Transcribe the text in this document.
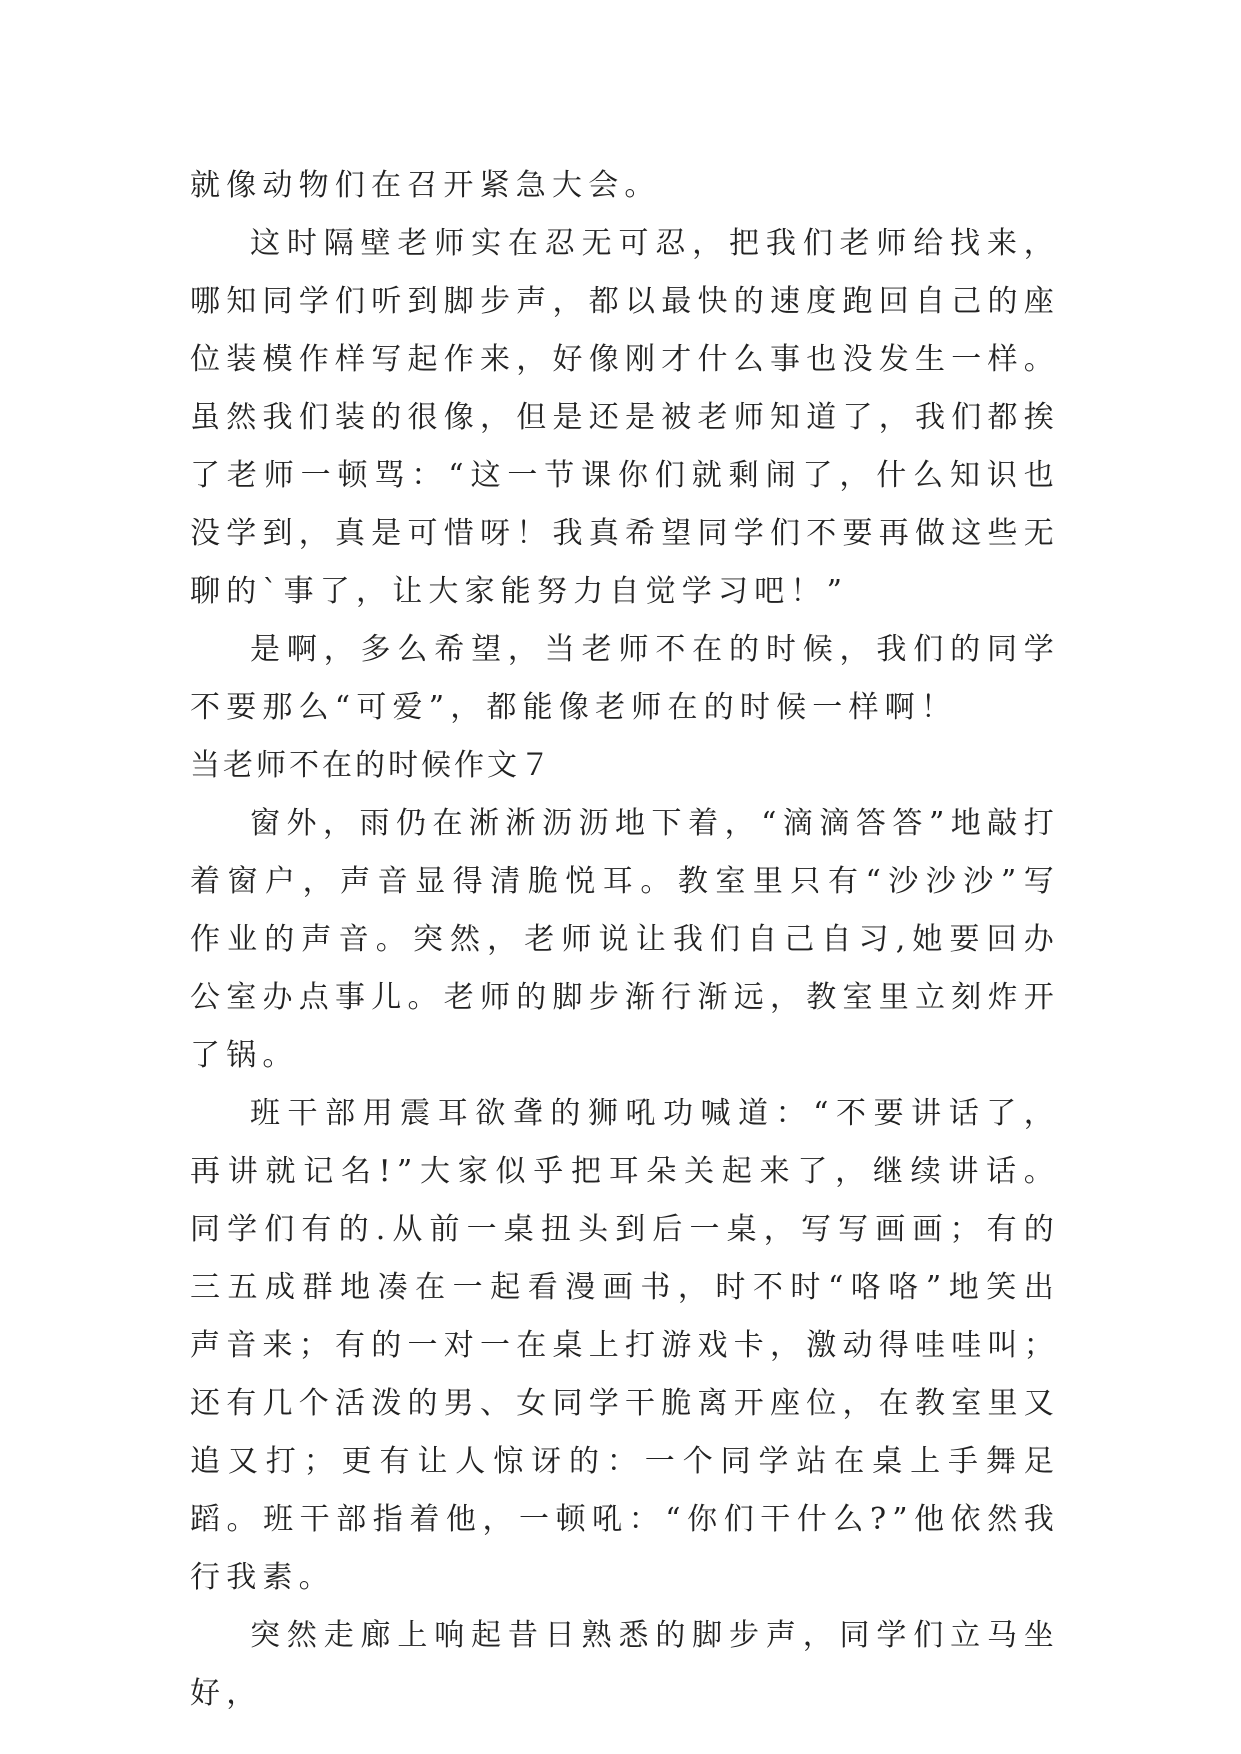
就像动物们在召开紧急大会。

这时隔壁老师实在忍无可忍，把我们老师给找来，哪知同学们听到脚步声，都以最快的速度跑回自己的座位装模作样写起作来，好像刚才什么事也没发生一样。虽然我们装的很像，但是还是被老师知道了，我们都挨了老师一顿骂：“这一节课你们就剩闹了，什么知识也没学到，真是可惜呀！我真希望同学们不要再做这些无聊的`事了，让大家能努力自觉学习吧！”

是啊，多么希望，当老师不在的时候，我们的同学不要那么“可爱”，都能像老师在的时候一样啊！

当老师不在的时候作文７

窗外，雨仍在淅淅沥沥地下着，“滴滴答答”地敲打着窗户，声音显得清脆悦耳。教室里只有“沙沙沙”写作业的声音。突然，老师说让我们自己自习,她要回办公室办点事儿。老师的脚步渐行渐远，教室里立刻炸开了锅。

班干部用震耳欲聋的狮吼功喊道：“不要讲话了，再讲就记名!”大家似乎把耳朵关起来了，继续讲话。同学们有的.从前一桌扭头到后一桌，写写画画；有的三五成群地凑在一起看漫画书，时不时“咯咯”地笑出声音来；有的一对一在桌上打游戏卡，激动得哇哇叫；还有几个活泼的男、女同学干脆离开座位，在教室里又追又打；更有让人惊讶的：一个同学站在桌上手舞足蹈。班干部指着他，一顿吼：“你们干什么?”他依然我行我素。

突然走廊上响起昔日熟悉的脚步声，同学们立马坐好，
